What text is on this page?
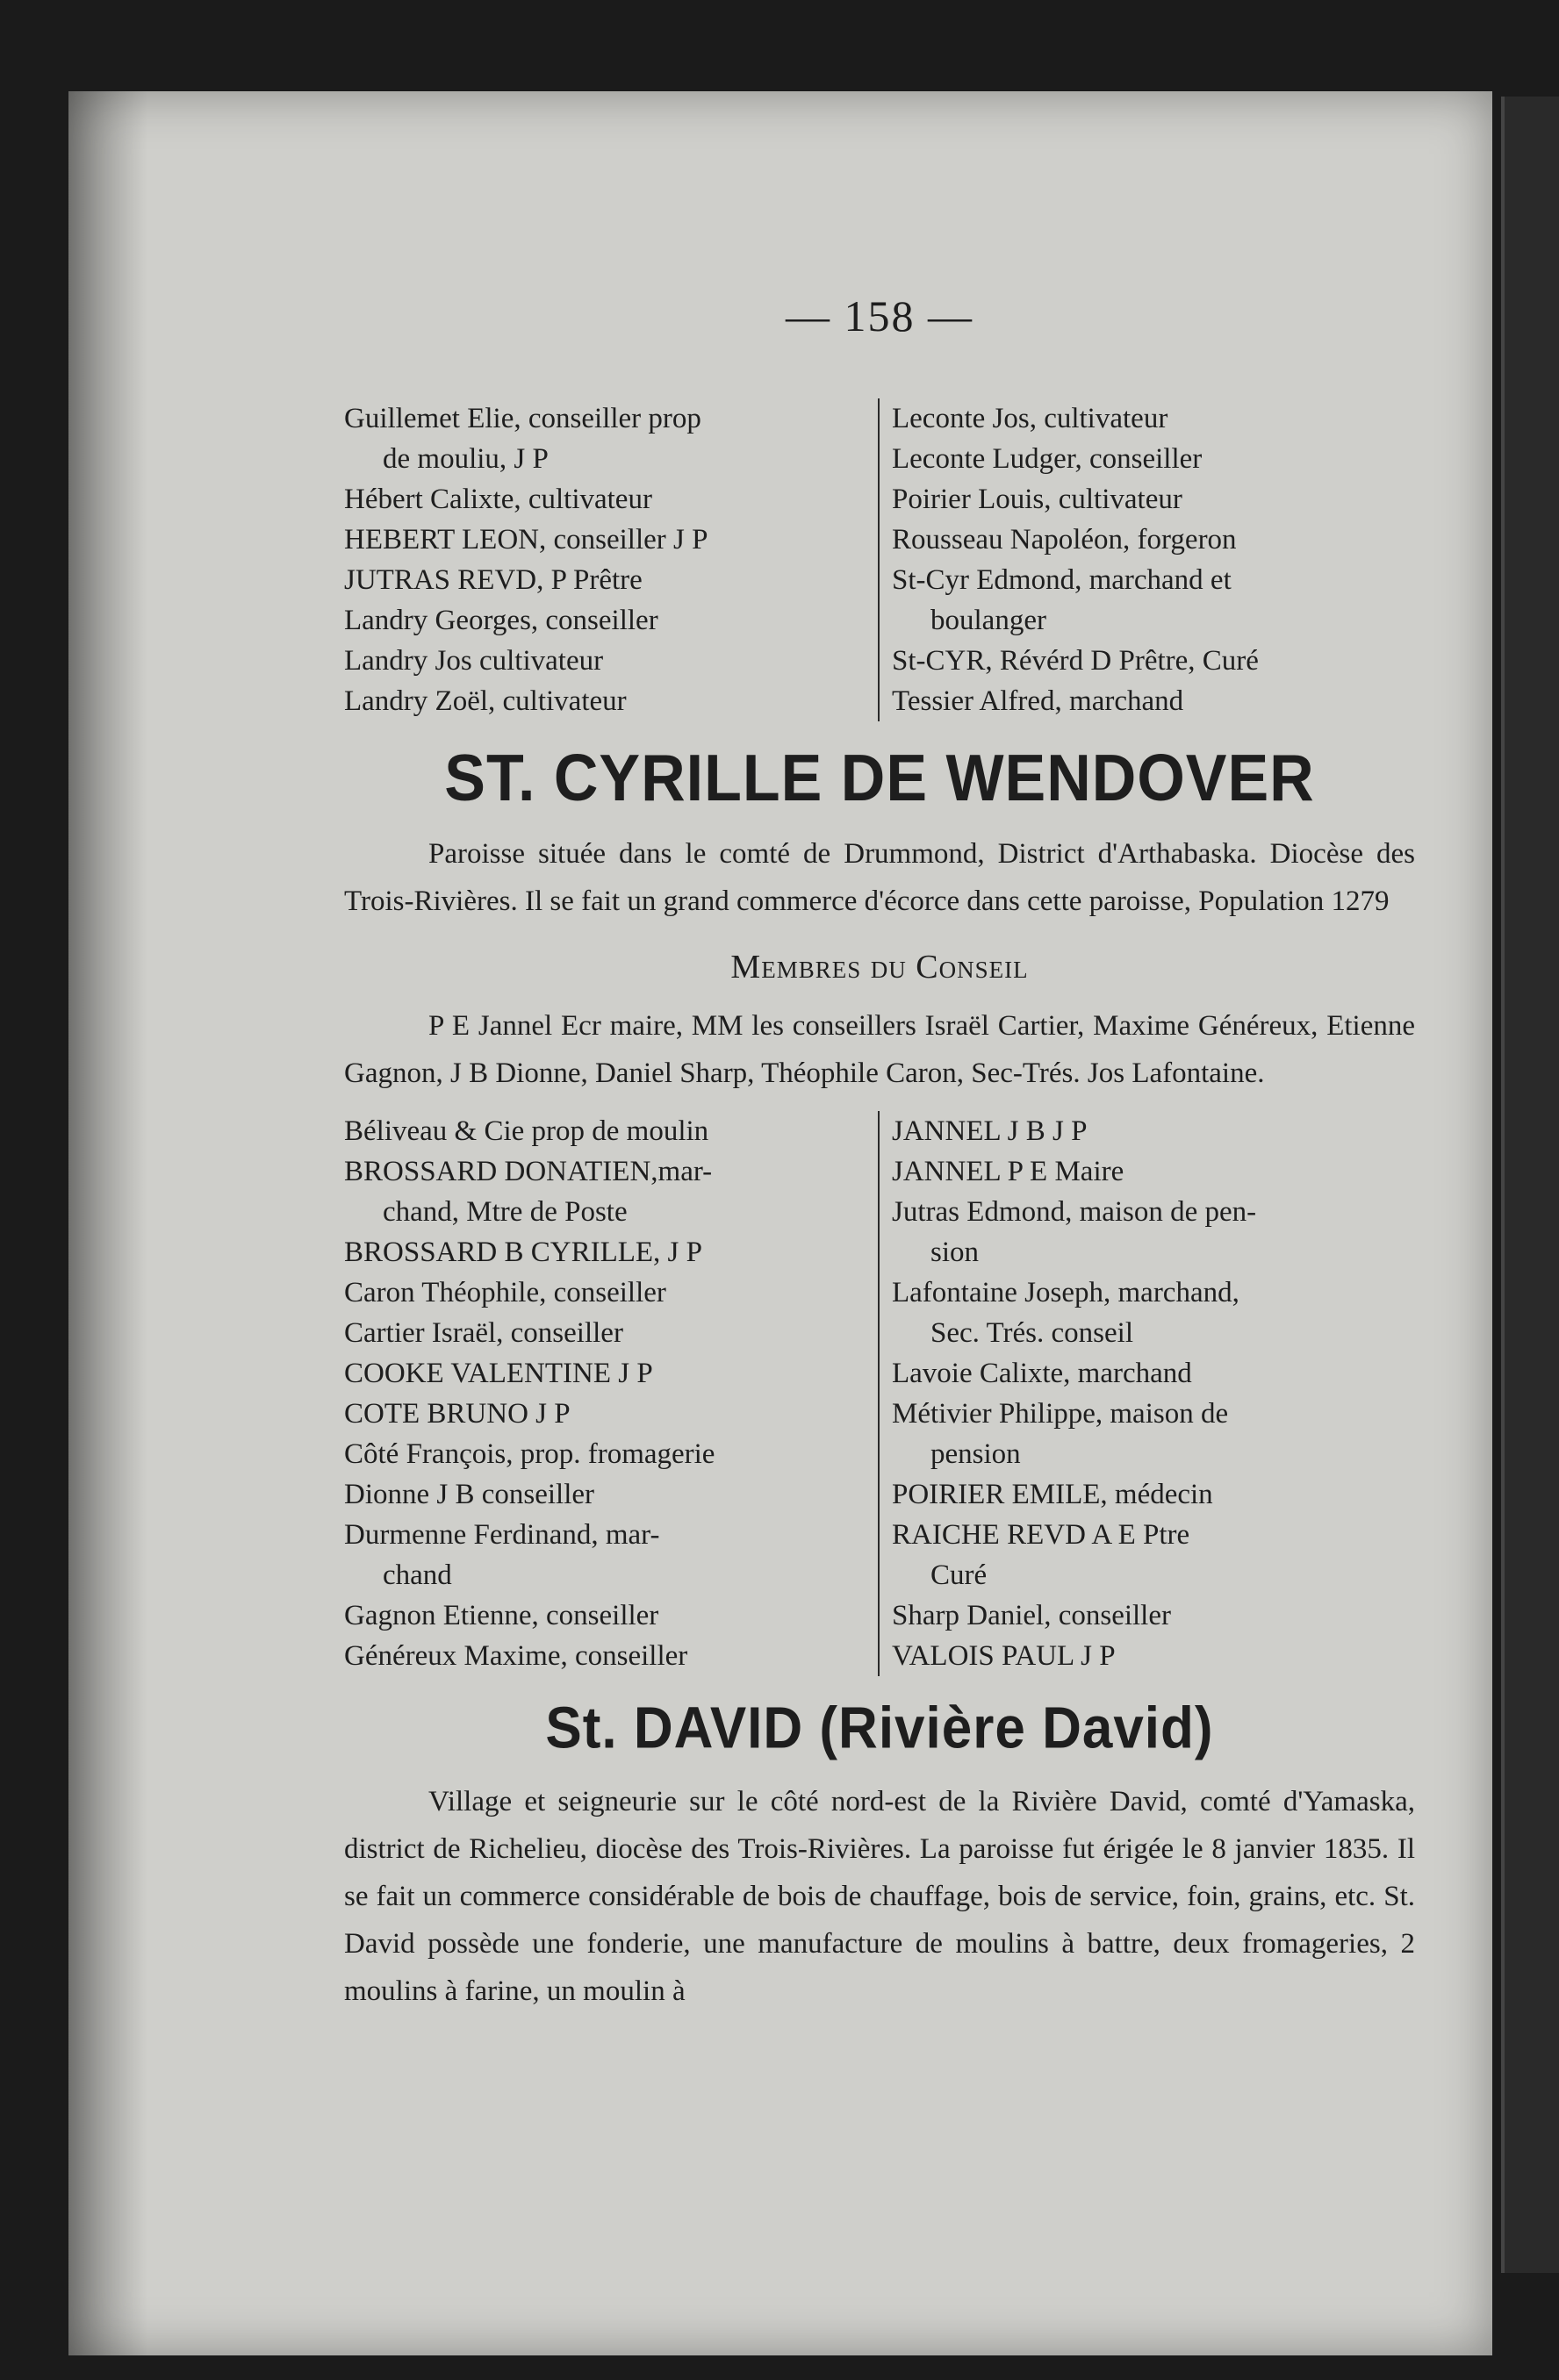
— 158 —
Guillemet Elie, conseiller prop
de mouliu, J P
Hébert Calixte, cultivateur
HEBERT LEON, conseiller J P
JUTRAS REVD, P Prêtre
Landry Georges, conseiller
Landry Jos cultivateur
Landry Zoël, cultivateur
Leconte Jos, cultivateur
Leconte Ludger, conseiller
Poirier Louis, cultivateur
Rousseau Napoléon, forgeron
St-Cyr Edmond, marchand et
boulanger
St-CYR, Révérd D Prêtre, Curé
Tessier Alfred, marchand
ST. CYRILLE DE WENDOVER
Paroisse située dans le comté de Drummond, District d'Arthabaska. Diocèse des Trois-Rivières. Il se fait un grand commerce d'écorce dans cette paroisse, Population 1279
Membres du Conseil
P E Jannel Ecr maire, MM les conseillers Israël Cartier, Maxime Généreux, Etienne Gagnon, J B Dionne, Daniel Sharp, Théophile Caron, Sec-Trés. Jos Lafontaine.
Béliveau & Cie prop de moulin
BROSSARD DONATIEN,mar-
chand, Mtre de Poste
BROSSARD B CYRILLE, J P
Caron Théophile, conseiller
Cartier Israël, conseiller
COOKE VALENTINE J P
COTE BRUNO J P
Côté François, prop. fromagerie
Dionne J B conseiller
Durmenne Ferdinand, mar-
chand
Gagnon Etienne, conseiller
Généreux Maxime, conseiller
JANNEL J B J P
JANNEL P E Maire
Jutras Edmond, maison de pen-
sion
Lafontaine Joseph, marchand,
Sec. Trés. conseil
Lavoie Calixte, marchand
Métivier Philippe, maison de
pension
POIRIER EMILE, médecin
RAICHE REVD A E Ptre
Curé
Sharp Daniel, conseiller
VALOIS PAUL J P
St. DAVID (Rivière David)
Village et seigneurie sur le côté nord-est de la Rivière David, comté d'Yamaska, district de Richelieu, diocèse des Trois-Rivières. La paroisse fut érigée le 8 janvier 1835. Il se fait un commerce considérable de bois de chauffage, bois de service, foin, grains, etc. St. David possède une fonderie, une manufacture de moulins à battre, deux fromageries, 2 moulins à farine, un moulin à
